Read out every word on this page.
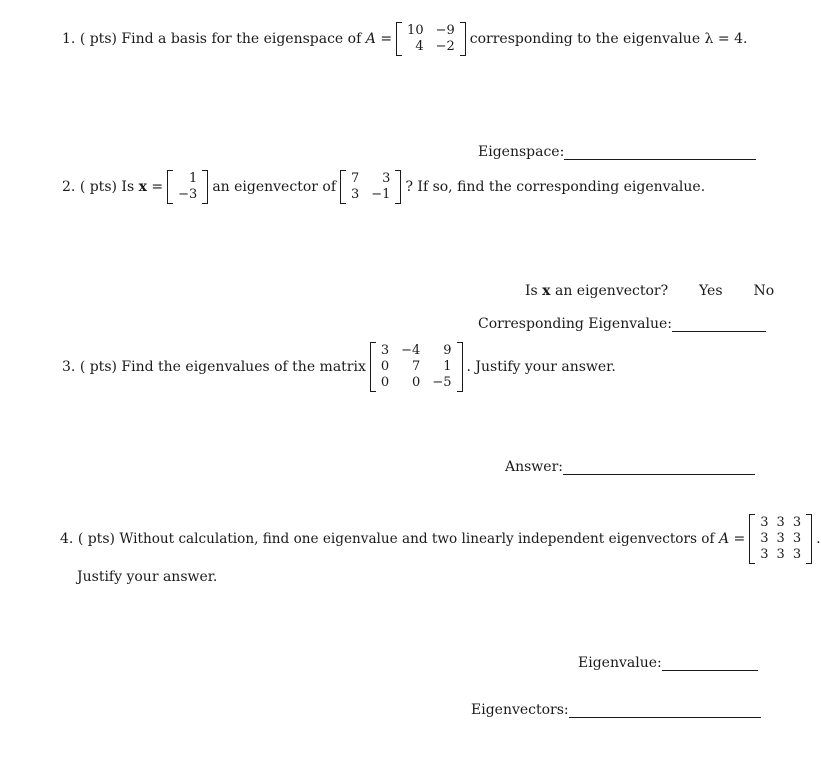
1.
( pts)
Find a basis for the eigenspace of
A
=
10 −9
4 −2 corresponding to the eigenvalue λ = 4.
Eigenspace:
2.
( pts)
Is
x
=
1
−3 an eigenvector of
7	3
3 −1 ? If so, find the corresponding eigenvalue.
Is x an eigenvector? Yes No
Corresponding Eigenvalue:
3.
( pts)
Find the eigenvalues of the matrix
3 −4	9
0	7	1
0	0 −5
. Justify your answer.
Answer:
4.
( pts)
Without calculation, find one eigenvalue and two linearly independent eigenvectors of
A
=
3 3 3
3 3 3
3 3 3
.
Justify your answer.
Eigenvalue:
Eigenvectors:
